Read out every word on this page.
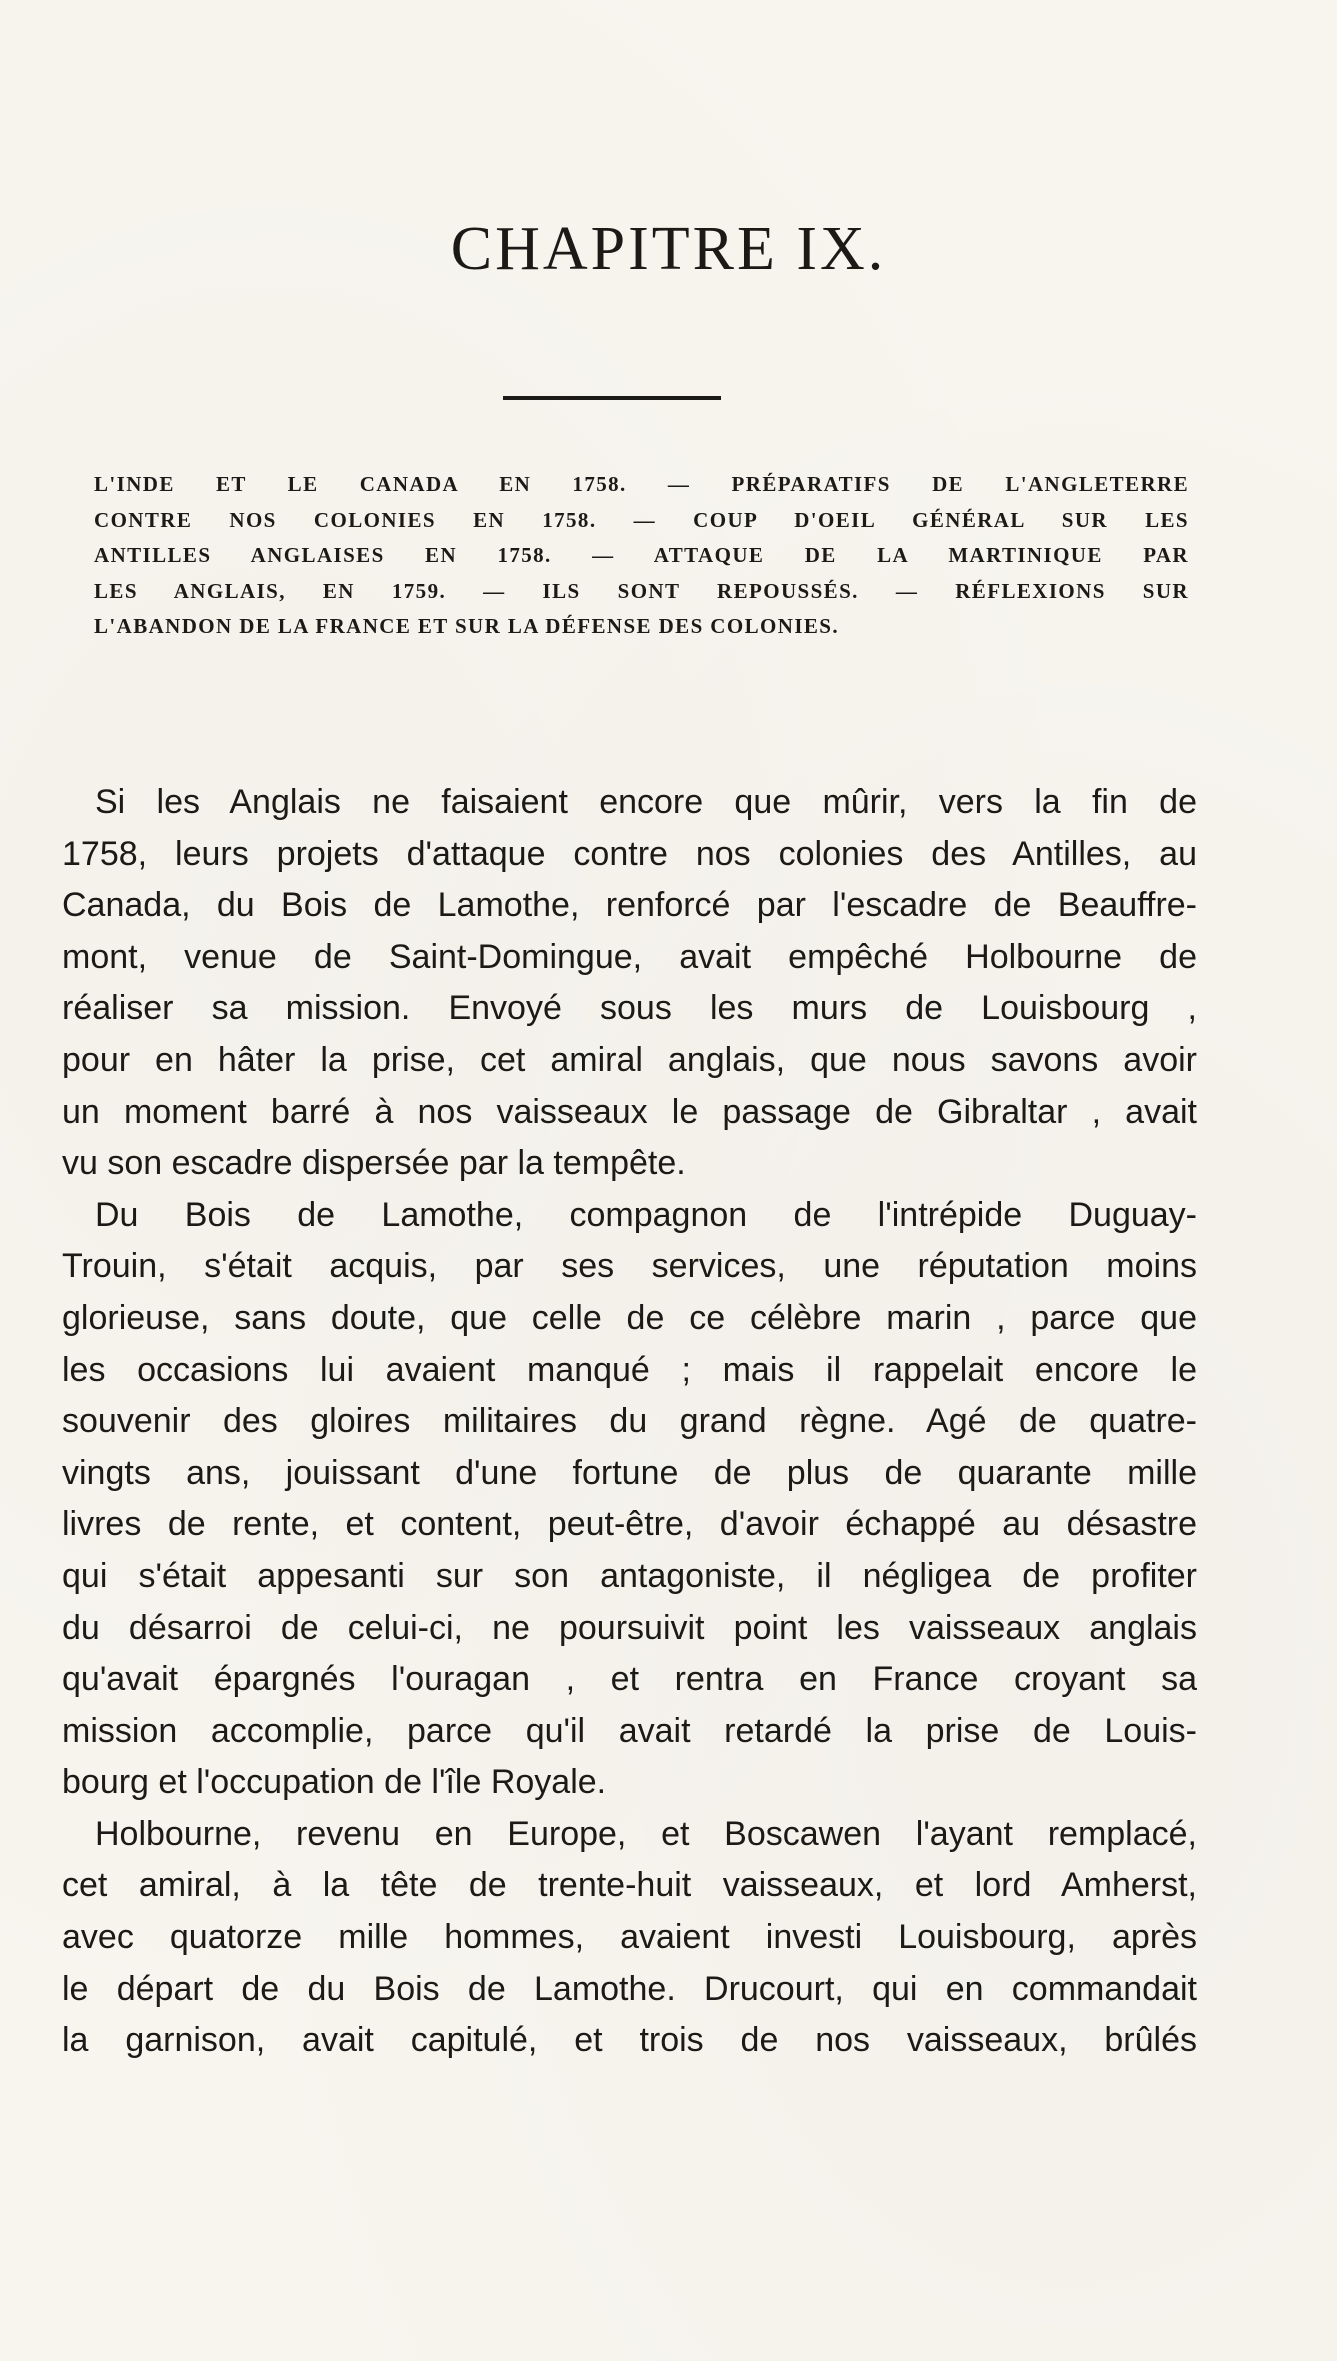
CHAPITRE IX.
L'INDE ET LE CANADA EN 1758. — PRÉPARATIFS DE L'ANGLETERRE
CONTRE NOS COLONIES EN 1758. — COUP D'OEIL GÉNÉRAL SUR LES
ANTILLES ANGLAISES EN 1758. — ATTAQUE DE LA MARTINIQUE PAR
LES ANGLAIS, EN 1759. — ILS SONT REPOUSSÉS. — RÉFLEXIONS SUR
L'ABANDON DE LA FRANCE ET SUR LA DÉFENSE DES COLONIES.
Si les Anglais ne faisaient encore que mûrir, vers la fin de
1758, leurs projets d'attaque contre nos colonies des Antilles, au
Canada, du Bois de Lamothe, renforcé par l'escadre de Beauffre-
mont, venue de Saint-Domingue, avait empêché Holbourne de
réaliser sa mission. Envoyé sous les murs de Louisbourg ,
pour en hâter la prise, cet amiral anglais, que nous savons avoir
un moment barré à nos vaisseaux le passage de Gibraltar , avait
vu son escadre dispersée par la tempête.
Du Bois de Lamothe, compagnon de l'intrépide Duguay-
Trouin, s'était acquis, par ses services, une réputation moins
glorieuse, sans doute, que celle de ce célèbre marin , parce que
les occasions lui avaient manqué ; mais il rappelait encore le
souvenir des gloires militaires du grand règne. Agé de quatre-
vingts ans, jouissant d'une fortune de plus de quarante mille
livres de rente, et content, peut-être, d'avoir échappé au désastre
qui s'était appesanti sur son antagoniste, il négligea de profiter
du désarroi de celui-ci, ne poursuivit point les vaisseaux anglais
qu'avait épargnés l'ouragan , et rentra en France croyant sa
mission accomplie, parce qu'il avait retardé la prise de Louis-
bourg et l'occupation de l'île Royale.
Holbourne, revenu en Europe, et Boscawen l'ayant remplacé,
cet amiral, à la tête de trente-huit vaisseaux, et lord Amherst,
avec quatorze mille hommes, avaient investi Louisbourg, après
le départ de du Bois de Lamothe. Drucourt, qui en commandait
la garnison, avait capitulé, et trois de nos vaisseaux, brûlés
